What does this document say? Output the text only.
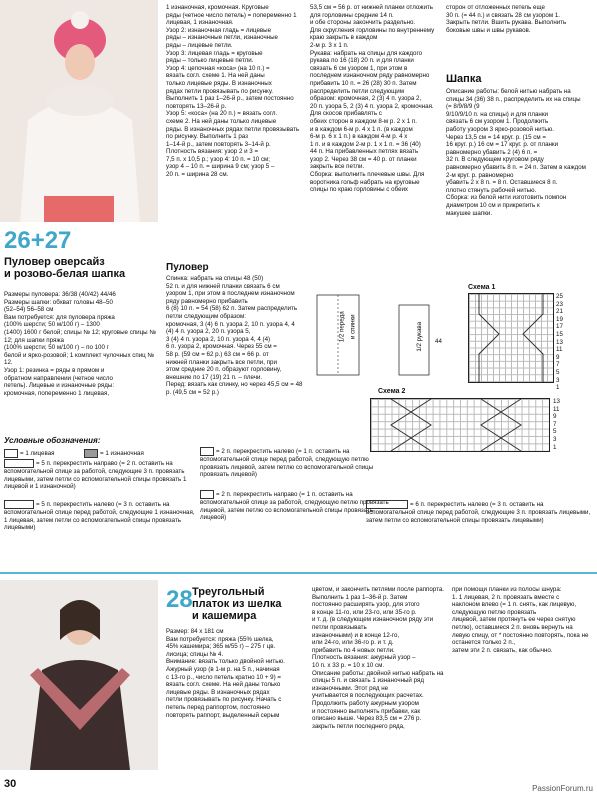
26+27
Пуловер оверсайз
и розово-белая шапка
Размеры пуловера: 36/38 (40/42) 44/46
Размеры шапки: обхват головы 48–50
(52–54) 56–58 см
Вам потребуется: для пуловера пряжа
(100% шерсти; 50 м/100 г) – 1300
(1400) 1600 г белой; спицы № 12; круговые спицы № 12; для шапки пряжа
(100% шерсти; 50 м/100 г) – по 100 г
белой и ярко-розовой; 1 комплект чулочных спиц № 12.
Узор 1: резинка = ряды в прямом и
обратном направлении (четное число
петель). Лицевые и изнаночные ряды:
кромочная, попеременно 1 лицевая,
1 изнаночная, кромочная. Круговые
ряды (четное число петель) = попеременно 1 лицевая, 1 изнаночная.
Узор 2: изнаночная гладь = лицевые
ряды – изнаночные петли, изнаночные
ряды – лицевые петли.
Узор 3: лицевая гладь = круговые
ряды – только лицевые петли.
Узор 4: цепочная «коса» (на 10 п.) =
вязать согл. схеме 1. На ней даны
только лицевые ряды. В изнаночных
рядах петли провязывать по рисунку.
Выполнить 1 раз 1–26-й р., затем постоянно повторять 13–26-й р.
Узор 5: «коса» (на 20 п.) = вязать согл.
схеме 2. На ней даны только лицевые
ряды. В изнаночных рядах петли провязывать по рисунку. Выполнить 1 раз
1–14-й р., затем повторять 3–14-й р.
Плотность вязания: узор 2 и 3 =
7,5 п. х 10,5 р.; узор 4: 10 п. = 10 см;
узор 4 – 10 п. = ширина 9 см; узор 5 –
20 п. = ширина 28 см.
Пуловер
Спинка: набрать на спицы 48 (50)
52 п. и для нижней планки связать 6 см
узором 1, при этом в последнем изнаночном ряду равномерно прибавить
6 (8) 10 п. = 54 (58) 62 п. Затем распределить петли следующим образом:
кромочная, 3 (4) 6 п. узора 2, 10 п. узора 4, 4 (4) 4 п. узора 2, 20 п. узора 5,
3 (4) 4 п. узора 2, 10 п. узора 4, 4 (4)
6 п. узора 2, кромочная. Через 55 см =
58 р. (59 см = 62 р.) 63 см = 66 р. от
нижней планки закрыть все петли, при
этом средние 20 п. образуют горловину,
внешние по 17 (19) 21 п. – плечи.
Перед: вязать как спинку, но через 45,5 см = 48 р. (49,5 см = 52 р.)
53,5 см = 56 р. от нижней планки отложить для горловины средние 14 п.
и обе стороны закончить раздельно.
Для скругления горловины по внутреннему краю закрыть в каждом
2-м р. 3 х 1 п.
Рукава: набрать на спицы для каждого
рукава по 16 (18) 20 п. и для планки
связать 6 см узором 1, при этом в последнем изнаночном ряду равномерно прибавить 10 п. = 26 (28) 30 п. Затем распределить петли следующим
образом: кромочная, 2 (3) 4 п. узора 2,
20 п. узора 5, 2 (3) 4 п. узора 2, кромочная. Для скосов прибавлять с
обеих сторон в каждом 8-м р. 2 х 1 п.
и в каждом 6-м р. 4 х 1 п. (в каждом
6-м р. 6 х 1 п.) в каждом 4-м р. 4 х
1 п. и в каждом 2-м р. 1 х 1 п. = 36 (40)
44 п. На прибавленных петлях вязать
узор 2. Через 38 см = 40 р. от планки
закрыть все петли.
Сборка: выполнить плечевые швы. Для
воротника гольф набрать на круговые
спицы по краю горловины с обеих
сторон от отложенных петель еще
30 п. (= 44 п.) и связать 28 см узором 1.
Закрыть петли. Вшить рукава. Выполнить боковые швы и швы рукавов.
Шапка
Описание работы: белой нитью набрать на спицы 34 (36) 38 п., распределить их на спицы (= 8/9/8/9 (9
9/10/9/10 п. на спицы) и для планки
связать 6 см узором 1. Продолжить
работу узором 3 ярко-розовой нитью.
Через 13,5 см = 14 круг. р. (15 см =
16 круг. р.) 16 см = 17 круг. р. от планки равномерно убавить 2 (4) 6 п. =
32 п. В следующем круговом ряду
равномерно убавить 8 п. = 24 п. Затем в каждом 2-м круг. р. равномерно
убавить 2 х 8 п. = 8 п. Оставшиеся 8 п.
плотно стянуть рабочей нитью.
Сборка: из белой нити изготовить помпон диаметром 10 см и прикрепить к
макушке шапки.
1/2 переда и спинки	1/2 рукава 44
Схема 1
25
23
21
19
17
15
13
11
9
7
5
3
1
Схема 2
13
11
9
7
5
3
1
Условные обозначения:
= 1 лицевая	= 1 изнаночная
= 5 п. перекрестить направо (= 2 п. оставить на вспомогательной спице за работой, следующие 3 п. провязать лицевыми, затем петли со вспомогательной спицы провязать 1 лицевой и 1 изнаночной)
= 5 п. перекрестить налево (= 3 п. оставить на вспомогательной спице перед работой, следующие 1 изнаночная, 1 лицевая, затем петли со вспомогательной спицы провязать лицевыми)
= 2 п. перекрестить налево (= 1 п. оставить на вспомогательной спице перед работой, следующую петлю провязать лицевой, затем петлю со вспомогательной спицы провязать лицевой)
= 2 п. перекрестить направо (= 1 п. оставить на вспомогательной спице за работой, следующую петлю провязать лицевой, затем петлю со вспомогательной спицы провязать лицевой)
= 6 п. перекрестить налево (= 3 п. оставить на вспомогательной спице перед работой, следующие 3 п. провязать лицевыми, затем петли со вспомогательной спицы провязать лицевыми)
28 Треугольный
платок из шелка
и кашемира
Размер: 84 х 181 см
Вам потребуется: пряжа (55% шелка,
45% кашемира; 365 м/55 г) – 275 г цв.
лисица; спицы № 4.
Внимание: вязать только двойной нитью.
Ажурный узор (в 1-м р. на 5 п., начиная
с 13-го р., число петель кратно 10 + 9) =
вязать согл. схеме. На ней даны только лицевые ряды. В изнаночных рядах
петли провязывать по рисунку. Начать с
петель перед раппортом, постоянно
повторять раппорт, выделенный серым
цветом, и закончить петлями после раппорта. Выполнить 1 раз 1–36-й р. Затем
постоянно расширять узор, для этого
в конце 11-го, или 23-го, или 35-го р.
и т. д. (в следующем изнаночном ряду эти петли провязывать
изнаночными) и в конце 12-го,
или 24-го, или 36-го р. и т. д.
прибавить по 4 новых петли.
Плотность вязания: ажурный узор –
10 п. х 33 р. = 10 х 10 см.
Описание работы: двойной нитью набрать на спицы 5 п. и связать 1 изнаночный ряд изнаночными. Этот ряд не
учитывается в последующих расчетах.
Продолжить работу ажурным узором
и постоянно выполнять прибавки, как
описано выше. Через 83,5 см = 276 р.
закрыть петли последнего ряда,
при помощи планки из полосы шнура:
1. 1 лицевая, 2 п. провязать вместе с
наклоном влево (= 1 п. снять, как лицевую, следующую петлю провязать
лицевой, затем протянуть ее через снятую петлю), оставшиеся 2 п. вновь вернуть на левую спицу, от * постоянно повторять, пока не останется только 2 п.,
затем эти 2 п. связать, как обычно.
30	PassionForum.ru
